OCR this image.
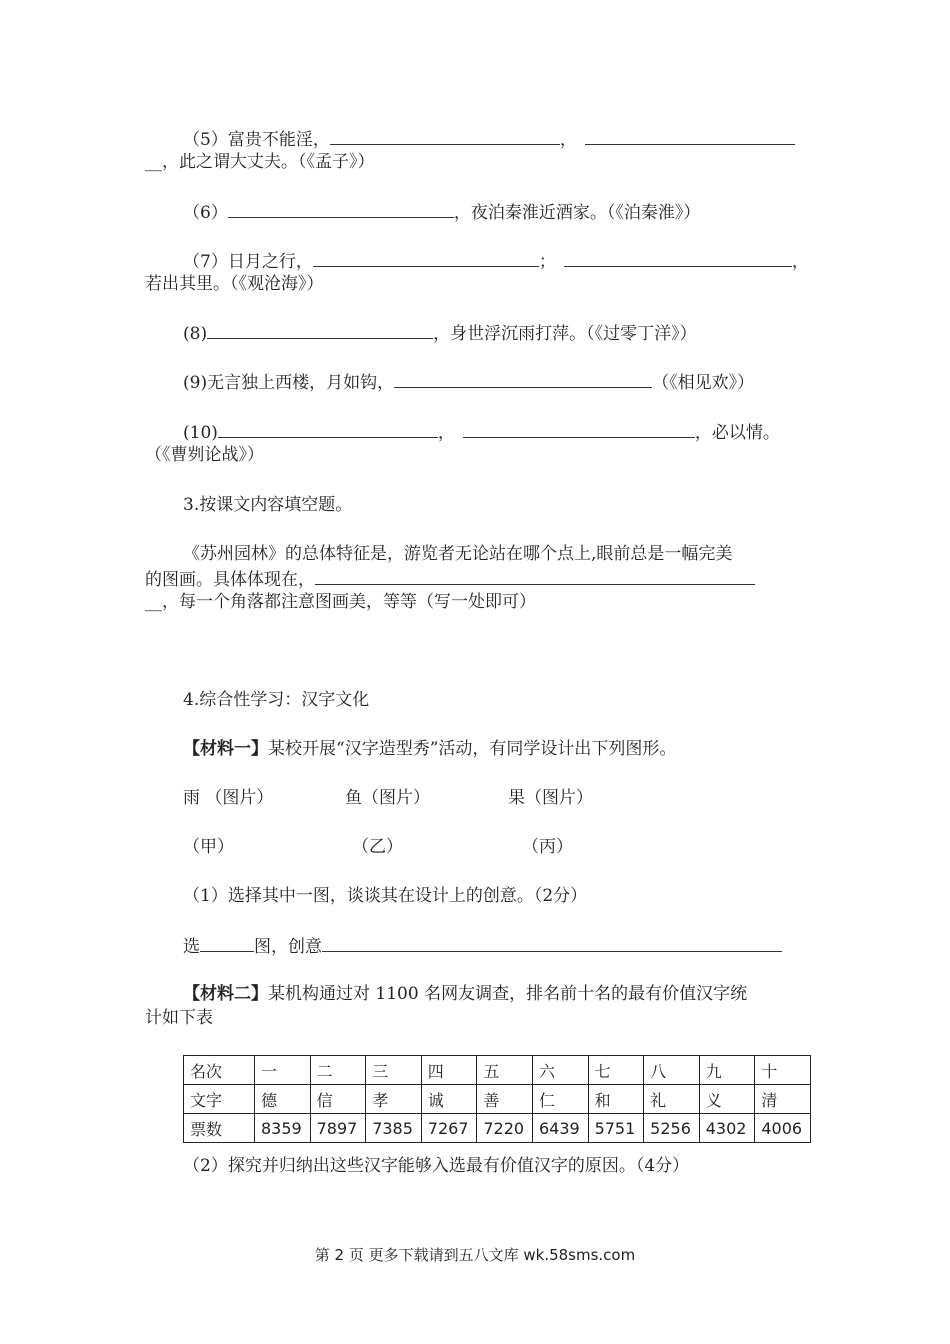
（5）富贵不能淫，	，
__，此之谓大丈夫。（《孟子》）
（6）	，夜泊秦淮近酒家。（《泊秦淮》）
（7）日月之行，	；	，
若出其里。（《观沧海》）
(8)	，身世浮沉雨打萍。（《过零丁洋》）
(9)无言独上西楼，月如钩，	（《相见欢》）
(10)	，	，必以情。
（《曹刿论战》）
3.按课文内容填空题。
《苏州园林》的总体特征是，游览者无论站在哪个点上,眼前总是一幅完美
的图画。具体体现在，
__，每一个角落都注意图画美，等等（写一处即可）
4.综合性学习：汉字文化
【材料一】某校开展“汉字造型秀”活动，有同学设计出下列图形。
雨 （图片）	鱼（图片）	果（图片）
（甲）	（乙）	（丙）
（1）选择其中一图，谈谈其在设计上的创意。（2分）
选	图，创意
【材料二】某机构通过对 1100 名网友调查，排名前十名的最有价值汉字统
计如下表
名次	一	二	三	四	五	六	七	八	九	十
文字	德	信	孝	诚	善	仁	和	礼	义	清
票数	8359	7897	7385	7267	7220	6439	5751	5256	4302	4006
（2）探究并归纳出这些汉字能够入选最有价值汉字的原因。（4分）
第 2 页 更多下载请到五八文库 wk.58sms.com
